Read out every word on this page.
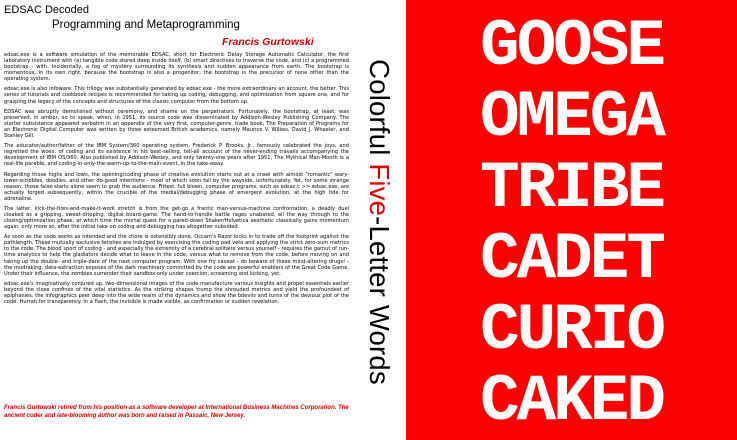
EDSAC Decoded
Programming and Metaprogramming
Francis Gurtowski

edsac.exe is a software simulation of the memorable EDSAC, short for Electronic Delay Storage Automatic Calculator, the first laboratory instrument with (a) tangible code stored deep inside itself, (b) smart directives to traverse the code, and (c) a programmed bootstrap - with, incidentally, a fog of mystery surrounding its synthesis and sudden appearance from earth. The bootstrap is momentous, in its own right, because the bootstrap is also a progenitor, the bootstrap is the precursor of none other than the operating system.

edsac.exe is also infoware. This trilogy was substantially generated by edsac.exe - the more extraordinary an account, the better. This series of tutorials and cookbook recipes is recommended for taking up coding, debugging, and optimization from square one, and for grasping the legacy of the concepts and structures of the classic computer from the bottom up.

EDSAC was abruptly demolished without ceremony, and shame on the perpetrators. Fortunately, the bootstrap, at least, was preserved, in amber, so to speak, when, in 1951, its source code was disseminated by Addison-Wesley Publishing Company. The starter subsistence appeared verbatim in an appendix of the very first, computer-genre, trade book, The Preparation of Programs for an Electronic Digital Computer was written by three esteemed British academics, namely Maurice V. Wilkes, David J. Wheeler, and Stanley Gill.

The educator/author/father of the IBM System/360 operating system, Frederick P. Brooks, Jr., famously celebrated the joys, and regretted the woes, of coding and its existence in his best-selling, tell-all account of the never-ending travails accompanying the development of IBM OS/360. Also published by Addison-Wesley, and only twenty-one years after 1951, The Mythical Man-Month is a real-life parable, and coding-in-only-the-warm-up-to-the-main-event, in the take-away.

Regarding those highs and lows, the opening/coding phase of creative evolution starts out at a crawl with almost "romantic" wary-lower-scribbles, doodles, and other do-good intentions - most of which soon fall by the wayside, unfortunately. Yet, for some strange reason, those false starts alone seem to grab the audience. Fittest, full blown, computer programs, such as edsac.c >> edsac.exe, are actually forged subsequently, within the crucible of the medial/debugging phase of emergent evolution, at the high tide for adrenaline.

The latter, kick-the-tires-and-make-it-work stretch is from the get-go a frantic man-versus-machine confrontation, a deadly duel cloaked as a gripping, sweat-dripping, digital board-game. The hand-to-handle battle rages unabated, all the way through to the closing/optimization phase, at which time the mortal quest for a pared-down Shaker/Helvetica aesthetic classically gains momentum again, only more so, after the initial take on coding and debugging has altogether subsided.

As soon as the code works as intended and the chore is ostensibly done, Occam's Razor kicks in to trade off the footprint against the pathlength. These mutually exclusive fetishes are indulged by exercising the coding pad veto and applying the strict zero-sum metrics to the code. The blood sport of coding - and especially the extremity of a cerebral solitaire versus yourself - requires the gamut of run-time analytics to help the gladiators decide what to leave in the code, versus what to remove from the code, before moving on and taking up the double- and triple-dare of the next computer program. With one fry caveat - do beware of these mind-altering drugs! - the mudraking, data-extraction exposes of the dark machinery committed by the code are powerful enablers of the Great Code Game. Under their influence, the zombies surrender their sandbox only under coercion, screaming and kicking, yet.

edsac.exe's imaginatively conjured up, two-dimensional images of the code manufacture various insights and propel essentials earlier beyond the close confines of the vital statistics. As the striking shapes trump the shrouded metrics and yield the profoundest of epiphanies, the infographics peer deep into the wide realm of the dynamics and show the bdevils and turns of the devious plot of the code. Hurrah for transparency. In a flash, the invisible is made visible, as confirmation or sudden revelation.

Francis Gurtowski retired from his position as a software developer at International Business Machines Corporation. The ancient coder and late-blooming author was born and raised in Passaic, New Jersey.
Colorful Five-Letter Words
GOOSE
OMEGA
TRIBE
CADET
CURIO
CAKED
